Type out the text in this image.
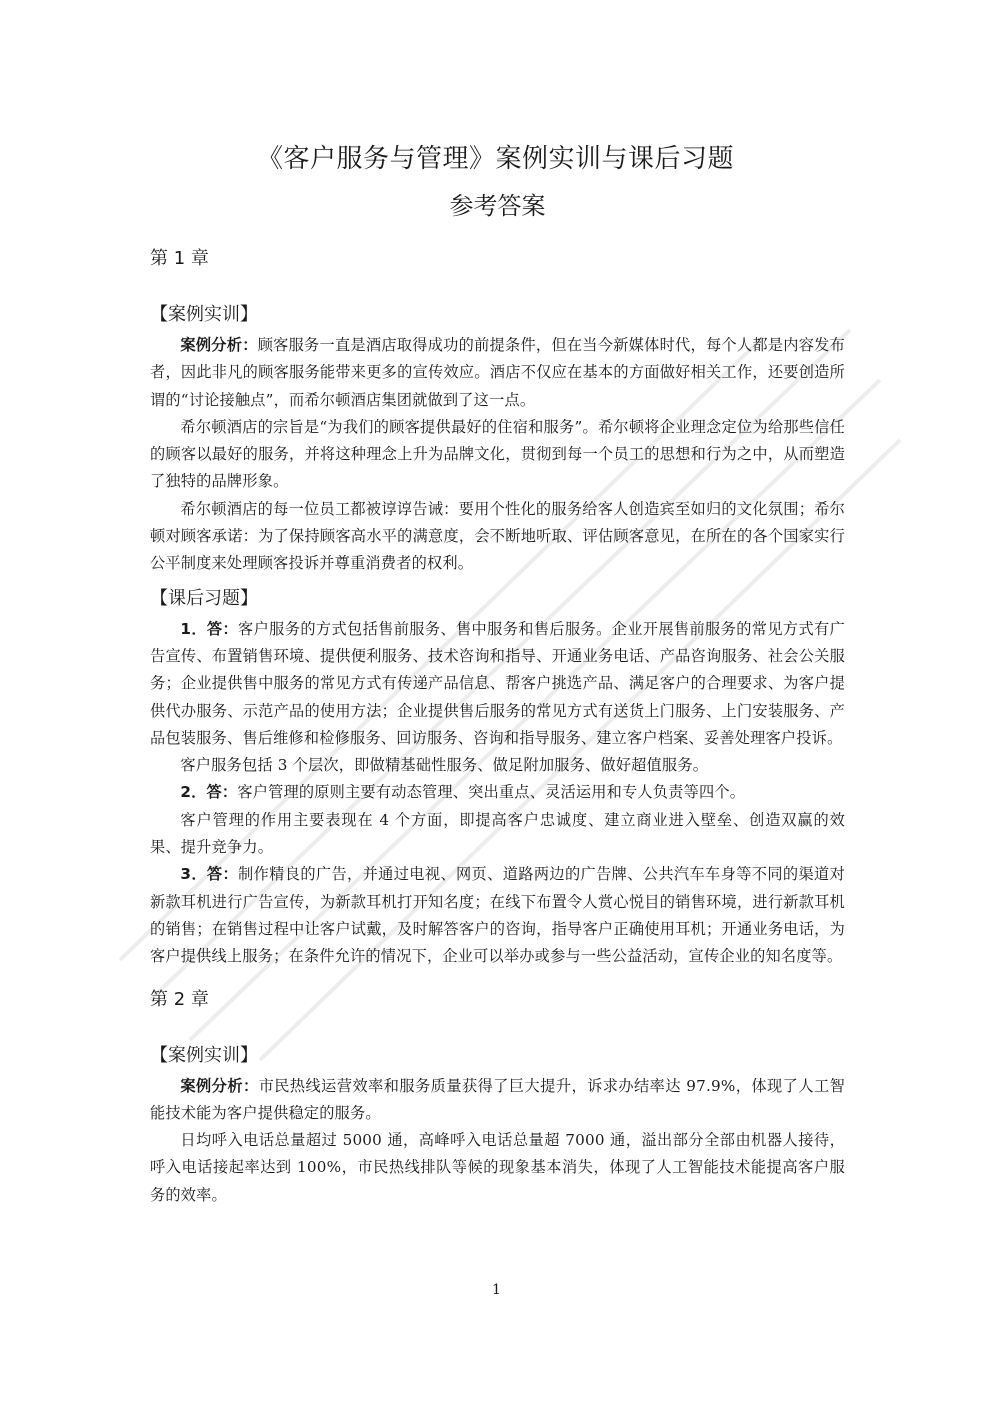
《客户服务与管理》案例实训与课后习题
参考答案
第 1 章
【案例实训】

案例分析：顾客服务一直是酒店取得成功的前提条件，但在当今新媒体时代，每个人都是内容发布者，因此非凡的顾客服务能带来更多的宣传效应。酒店不仅应在基本的方面做好相关工作，还要创造所谓的“讨论接触点”，而希尔顿酒店集团就做到了这一点。

希尔顿酒店的宗旨是“为我们的顾客提供最好的住宿和服务”。希尔顿将企业理念定位为给那些信任的顾客以最好的服务，并将这种理念上升为品牌文化，贯彻到每一个员工的思想和行为之中，从而塑造了独特的品牌形象。

希尔顿酒店的每一位员工都被谆谆告诫：要用个性化的服务给客人创造宾至如归的文化氛围；希尔顿对顾客承诺：为了保持顾客高水平的满意度，会不断地听取、评估顾客意见，在所在的各个国家实行公平制度来处理顾客投诉并尊重消费者的权利。

【课后习题】

1．答：客户服务的方式包括售前服务、售中服务和售后服务。企业开展售前服务的常见方式有广告宣传、布置销售环境、提供便利服务、技术咨询和指导、开通业务电话、产品咨询服务、社会公关服务；企业提供售中服务的常见方式有传递产品信息、帮客户挑选产品、满足客户的合理要求、为客户提供代办服务、示范产品的使用方法；企业提供售后服务的常见方式有送货上门服务、上门安装服务、产品包装服务、售后维修和检修服务、回访服务、咨询和指导服务、建立客户档案、妥善处理客户投诉。

客户服务包括 3 个层次，即做精基础性服务、做足附加服务、做好超值服务。

2．答：客户管理的原则主要有动态管理、突出重点、灵活运用和专人负责等四个。

客户管理的作用主要表现在 4 个方面，即提高客户忠诚度、建立商业进入壁垒、创造双赢的效果、提升竞争力。

3．答：制作精良的广告，并通过电视、网页、道路两边的广告牌、公共汽车车身等不同的渠道对新款耳机进行广告宣传，为新款耳机打开知名度；在线下布置令人赏心悦目的销售环境，进行新款耳机的销售；在销售过程中让客户试戴，及时解答客户的咨询，指导客户正确使用耳机；开通业务电话，为客户提供线上服务；在条件允许的情况下，企业可以举办或参与一些公益活动，宣传企业的知名度等。

第 2 章
【案例实训】

案例分析：市民热线运营效率和服务质量获得了巨大提升，诉求办结率达 97.9%，体现了人工智能技术能为客户提供稳定的服务。

日均呼入电话总量超过 5000 通，高峰呼入电话总量超 7000 通，溢出部分全部由机器人接待，呼入电话接起率达到 100%，市民热线排队等候的现象基本消失，体现了人工智能技术能提高客户服务的效率。

1
